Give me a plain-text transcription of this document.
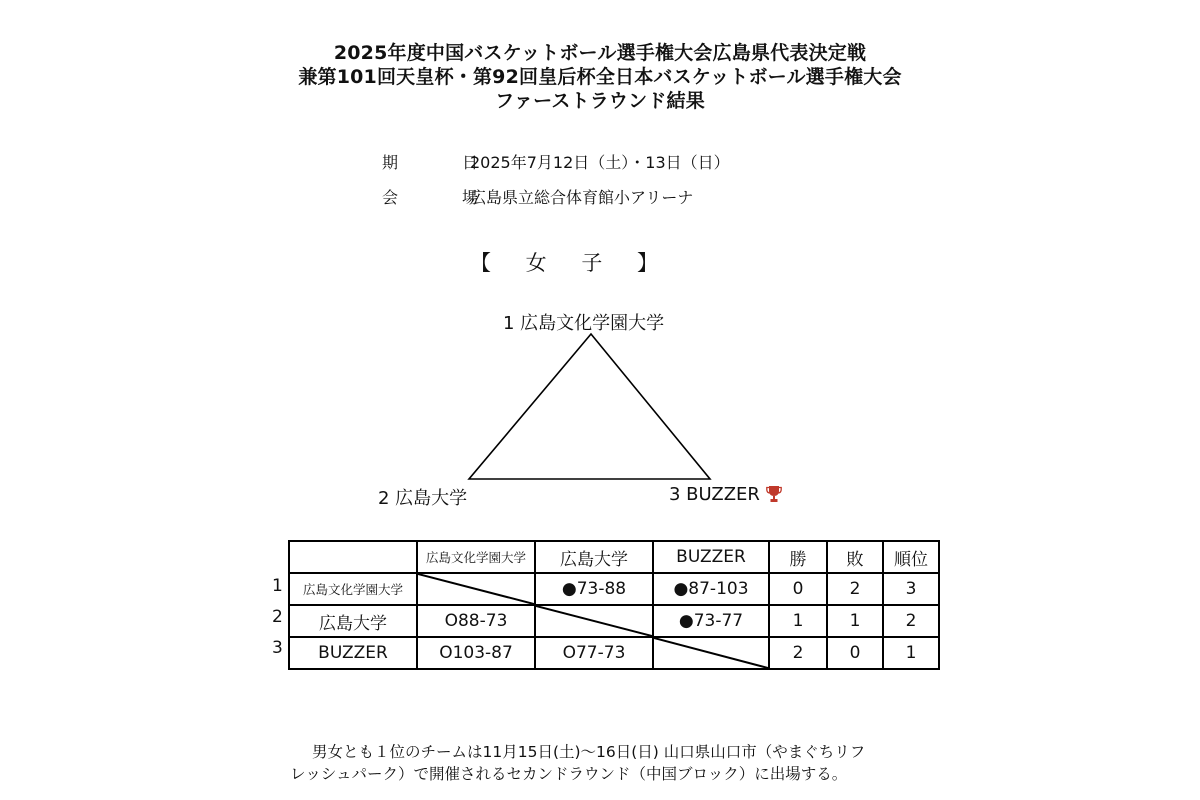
2025年度中国バスケットボール選手権大会広島県代表決定戦
兼第101回天皇杯・第92回皇后杯全日本バスケットボール選手権大会
ファーストラウンド結果
期　日2025年7月12日（土）・13日（日）
会　場広島県立総合体育館小アリーナ
【 女 子 】
1 広島文化学園大学
2 広島大学	3 BUZZER
1
2
3
	広島文化学園大学	広島大学	BUZZER	勝	敗	順位
広島文化学園大学		●73-88	●87-103	0	2	3
広島大学	O88-73		●73-77	1	1	2
BUZZER	O103-87	O77-73		2	0	1
男女とも１位のチームは11月15日(土)～16日(日) 山口県山口市（やまぐちリフ
レッシュパーク）で開催されるセカンドラウンド（中国ブロック）に出場する。
